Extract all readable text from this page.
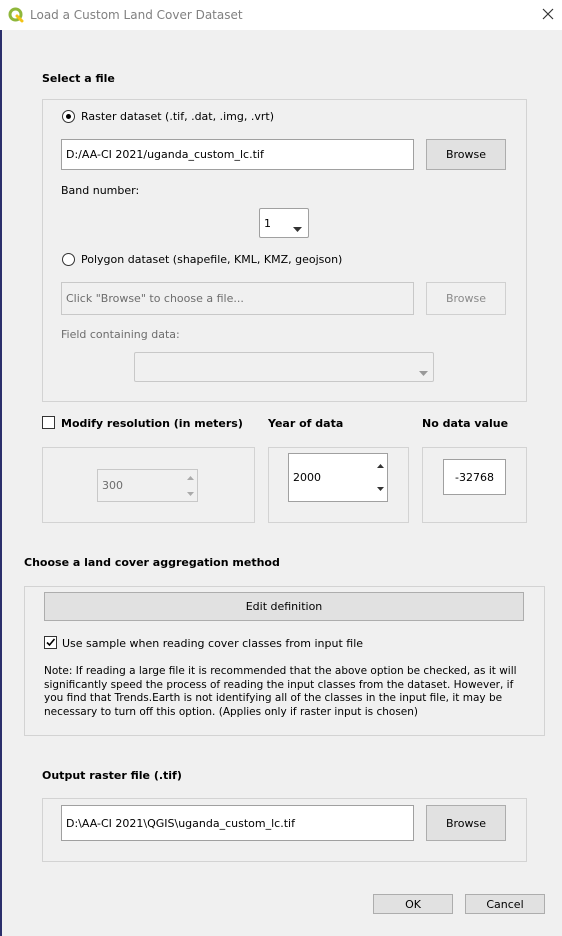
Load a Custom Land Cover Dataset
Select a file
Raster dataset (.tif, .dat, .img, .vrt)
D:/AA-CI 2021/uganda_custom_lc.tif	Browse
Band number:
1
Polygon dataset (shapefile, KML, KMZ, geojson)
Click "Browse" to choose a file...	Browse
Field containing data:
Modify resolution (in meters) Year of data	No data value
300
2000	-32768
Choose a land cover aggregation method
Edit definition
Use sample when reading cover classes from input file
Note: If reading a large file it is recommended that the above option be checked, as it will significantly speed the process of reading the input classes from the dataset. However, if you find that Trends.Earth is not identifying all of the classes in the input file, it may be necessary to turn off this option. (Applies only if raster input is chosen)
Output raster file (.tif)
D:\AA-CI 2021\QGIS\uganda_custom_lc.tif	Browse
OK	Cancel
